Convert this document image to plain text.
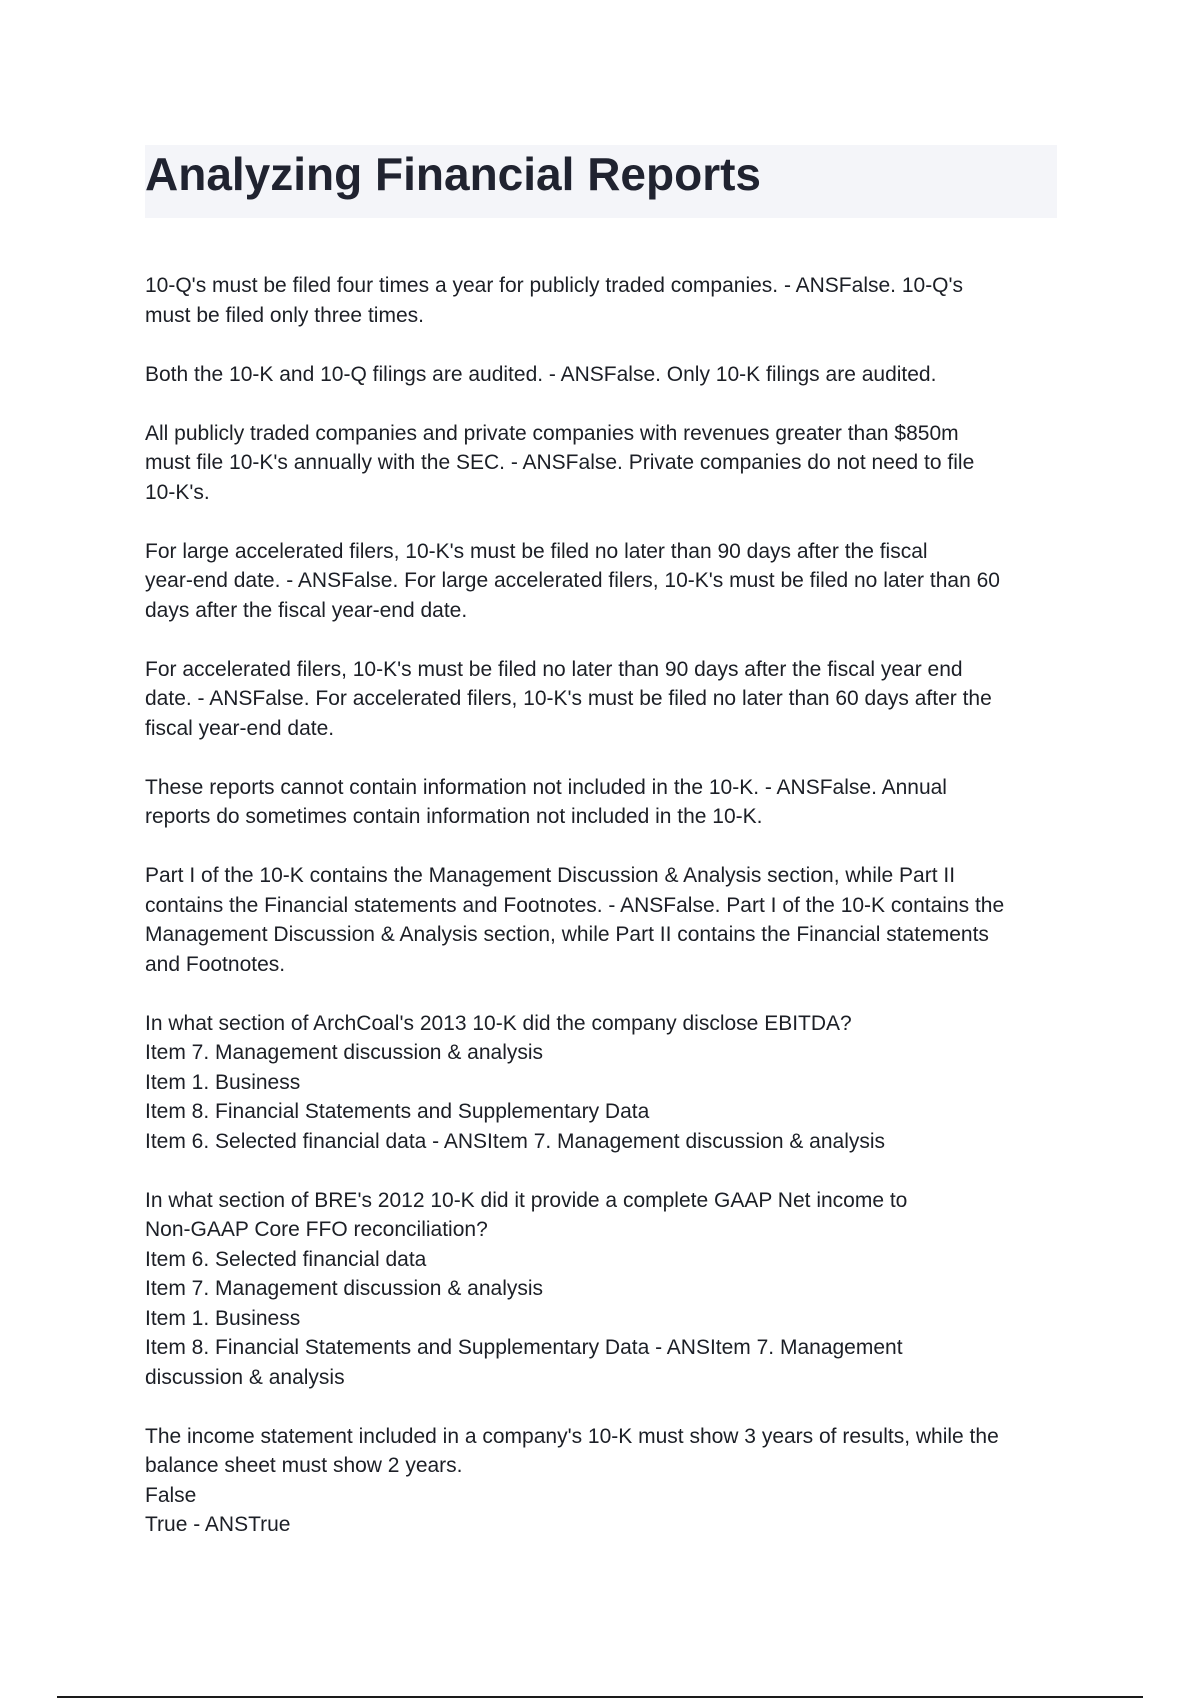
Analyzing Financial Reports

10-Q's must be filed four times a year for publicly traded companies. - ANSFalse. 10-Q's

must be filed only three times.

Both the 10-K and 10-Q filings are audited. - ANSFalse. Only 10-K filings are audited.

All publicly traded companies and private companies with revenues greater than $850m

must file 10-K's annually with the SEC. - ANSFalse. Private companies do not need to file

10-K's.

For large accelerated filers, 10-K's must be filed no later than 90 days after the fiscal

year-end date. - ANSFalse. For large accelerated filers, 10-K's must be filed no later than 60

days after the fiscal year-end date.

For accelerated filers, 10-K's must be filed no later than 90 days after the fiscal year end

date. - ANSFalse. For accelerated filers, 10-K's must be filed no later than 60 days after the

fiscal year-end date.

These reports cannot contain information not included in the 10-K. - ANSFalse. Annual

reports do sometimes contain information not included in the 10-K.

Part I of the 10-K contains the Management Discussion & Analysis section, while Part II

contains the Financial statements and Footnotes. - ANSFalse. Part I of the 10-K contains the

Management Discussion & Analysis section, while Part II contains the Financial statements

and Footnotes.

In what section of ArchCoal's 2013 10-K did the company disclose EBITDA?

Item 7. Management discussion & analysis

Item 1. Business

Item 8. Financial Statements and Supplementary Data

Item 6. Selected financial data - ANSItem 7. Management discussion & analysis

In what section of BRE's 2012 10-K did it provide a complete GAAP Net income to

Non-GAAP Core FFO reconciliation?

Item 6. Selected financial data

Item 7. Management discussion & analysis

Item 1. Business

Item 8. Financial Statements and Supplementary Data - ANSItem 7. Management

discussion & analysis

The income statement included in a company's 10-K must show 3 years of results, while the

balance sheet must show 2 years.

False

True - ANSTrue
